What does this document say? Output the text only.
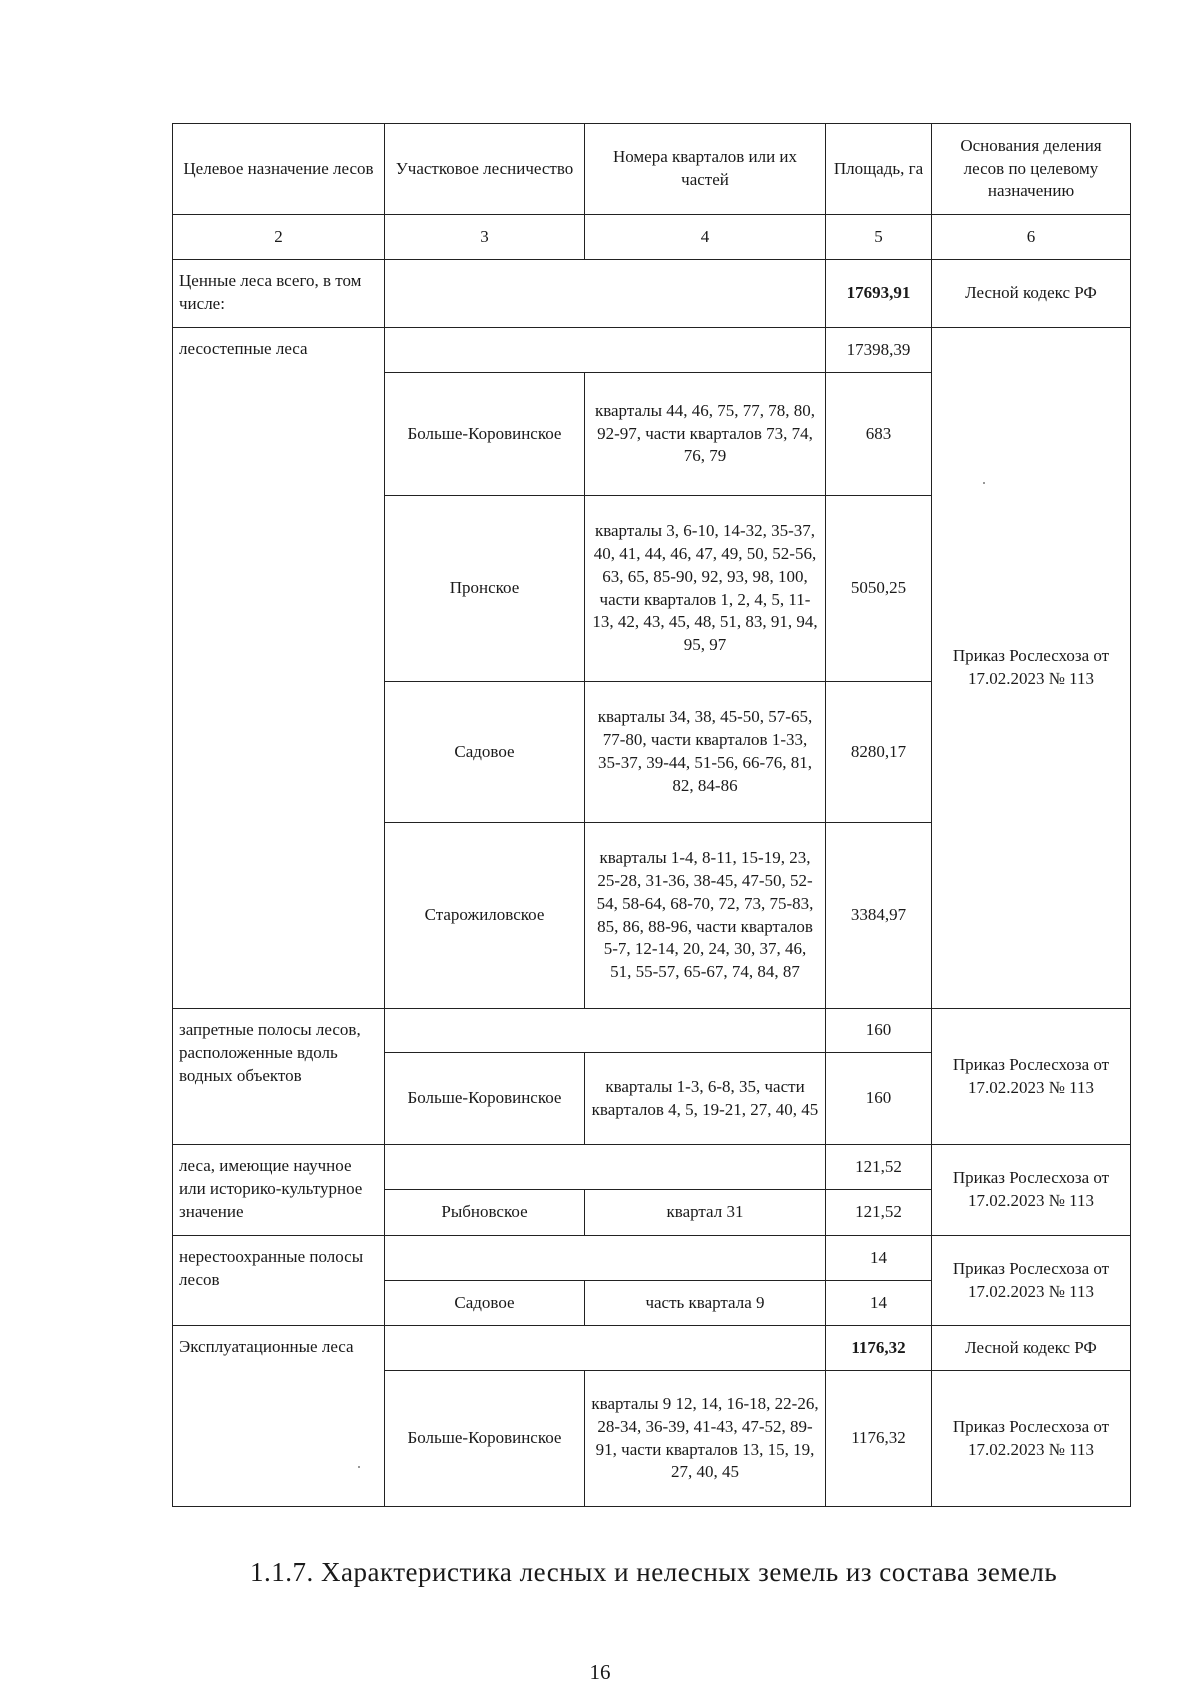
Целевое назначение лесов	Участковое лесничество	Номера кварталов или их частей	Площадь, га	Основания деления лесов по целевому назначению
2	3	4	5	6
Ценные леса всего, в том числе:			17693,91	Лесной кодекс РФ
лесостепные леса			17398,39	Приказ Рослесхоза от 17.02.2023 № 113
	Больше-Коровинское	кварталы 44, 46, 75, 77, 78, 80, 92-97, части кварталов 73, 74, 76, 79	683	
	Пронское	кварталы 3, 6-10, 14-32, 35-37, 40, 41, 44, 46, 47, 49, 50, 52-56, 63, 65, 85-90, 92, 93, 98, 100, части кварталов 1, 2, 4, 5, 11-13, 42, 43, 45, 48, 51, 83, 91, 94, 95, 97	5050,25	
	Садовое	кварталы 34, 38, 45-50, 57-65, 77-80, части кварталов 1-33, 35-37, 39-44, 51-56, 66-76, 81, 82, 84-86	8280,17	
	Старожиловское	кварталы 1-4, 8-11, 15-19, 23, 25-28, 31-36, 38-45, 47-50, 52-54, 58-64, 68-70, 72, 73, 75-83, 85, 86, 88-96, части кварталов 5-7, 12-14, 20, 24, 30, 37, 46, 51, 55-57, 65-67, 74, 84, 87	3384,97	
запретные полосы лесов, расположенные вдоль водных объектов			160	Приказ Рослесхоза от 17.02.2023 № 113
	Больше-Коровинское	кварталы 1-3, 6-8, 35, части кварталов 4, 5, 19-21, 27, 40, 45	160	
леса, имеющие научное или историко-культурное значение			121,52	Приказ Рослесхоза от 17.02.2023 № 113
	Рыбновское	квартал 31	121,52	
нерестоохранные полосы лесов			14	Приказ Рослесхоза от 17.02.2023 № 113
	Садовое	часть квартала 9	14	
Эксплуатационные леса			1176,32	Лесной кодекс РФ
	Больше-Коровинское	кварталы 9 12, 14, 16-18, 22-26, 28-34, 36-39, 41-43, 47-52, 89-91, части кварталов 13, 15, 19, 27, 40, 45	1176,32	Приказ Рослесхоза от 17.02.2023 № 113
1.1.7. Характеристика лесных и нелесных земель из состава земель
16
